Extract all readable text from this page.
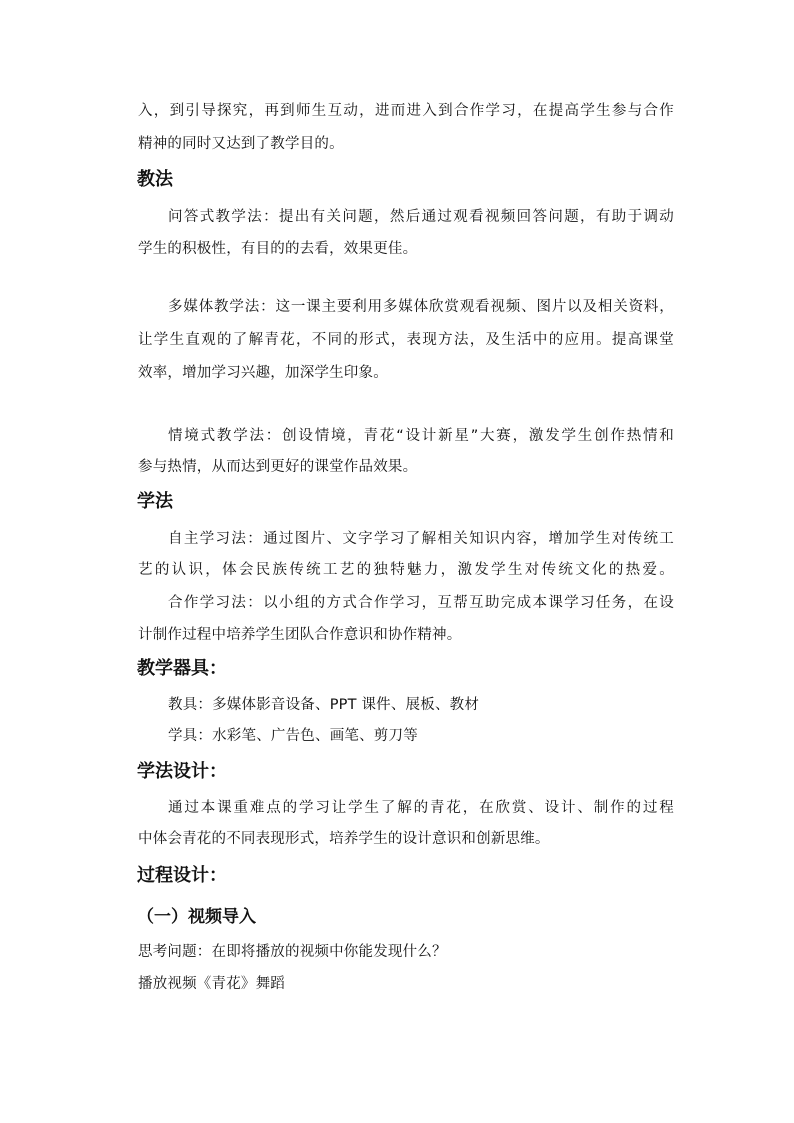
入，到引导探究，再到师生互动，进而进入到合作学习，在提高学生参与合作

精神的同时又达到了教学目的。

教法

问答式教学法：提出有关问题，然后通过观看视频回答问题，有助于调动

学生的积极性，有目的的去看，效果更佳。

多媒体教学法：这一课主要利用多媒体欣赏观看视频、图片以及相关资料，

让学生直观的了解青花，不同的形式，表现方法，及生活中的应用。提高课堂

效率，增加学习兴趣，加深学生印象。

情境式教学法：创设情境，青花“设计新星”大赛，激发学生创作热情和

参与热情，从而达到更好的课堂作品效果。

学法

自主学习法：通过图片、文字学习了解相关知识内容，增加学生对传统工

艺的认识，体会民族传统工艺的独特魅力，激发学生对传统文化的热爱。

合作学习法：以小组的方式合作学习，互帮互助完成本课学习任务，在设

计制作过程中培养学生团队合作意识和协作精神。

教学器具：

教具：多媒体影音设备、PPT 课件、展板、教材

学具：水彩笔、广告色、画笔、剪刀等

学法设计：

通过本课重难点的学习让学生了解的青花，在欣赏、设计、制作的过程

中体会青花的不同表现形式，培养学生的设计意识和创新思维。

过程设计：
（一）视频导入

思考问题：在即将播放的视频中你能发现什么？

播放视频《青花》舞蹈
